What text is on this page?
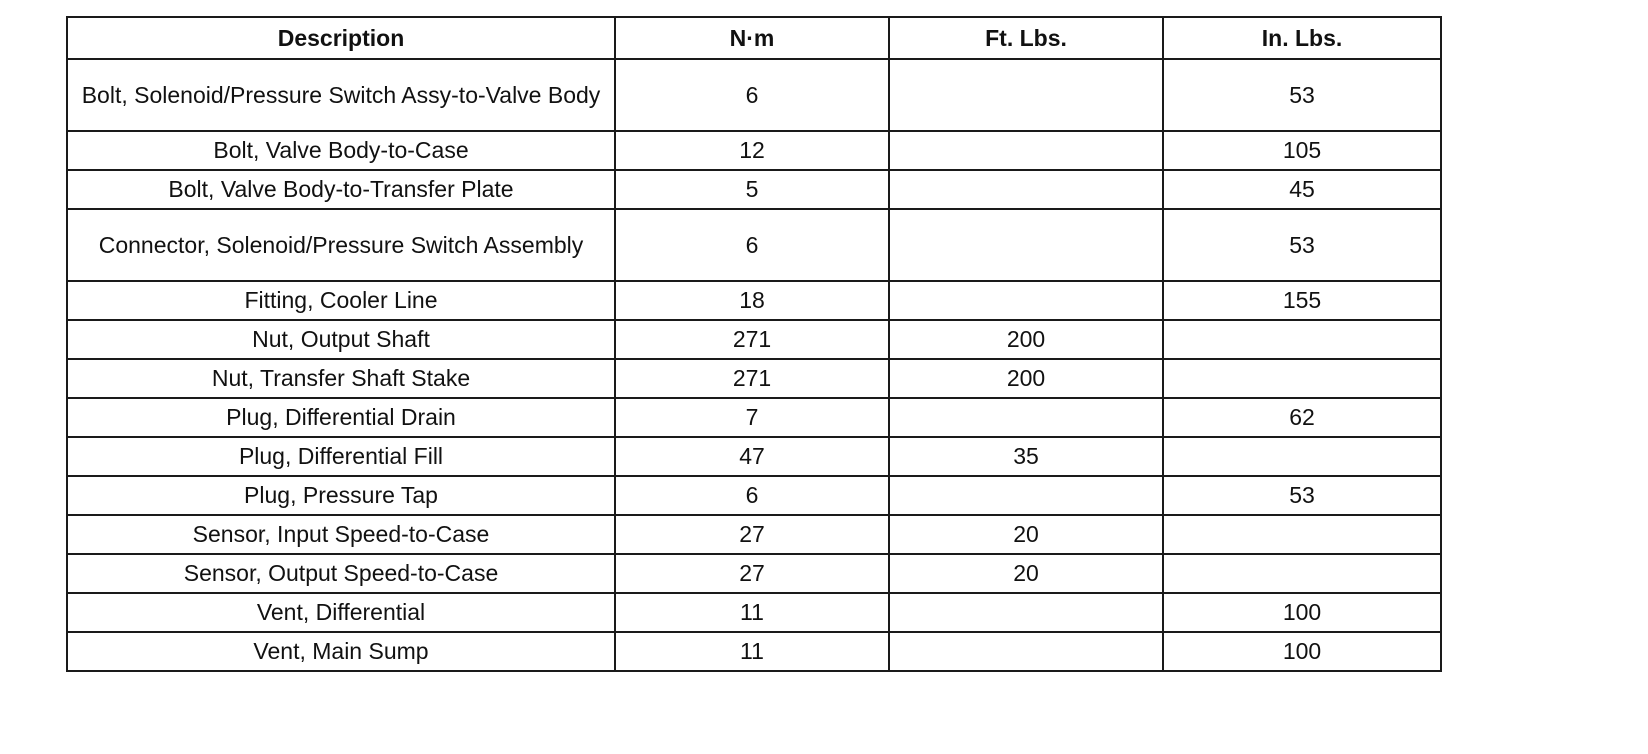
Description	N·m	Ft. Lbs.	In. Lbs.
Bolt, Solenoid/Pressure Switch Assy-to-Valve Body	6		53
Bolt, Valve Body-to-Case	12		105
Bolt, Valve Body-to-Transfer Plate	5		45
Connector, Solenoid/Pressure Switch Assembly	6		53
Fitting, Cooler Line	18		155
Nut, Output Shaft	271	200	
Nut, Transfer Shaft Stake	271	200	
Plug, Differential Drain	7		62
Plug, Differential Fill	47	35	
Plug, Pressure Tap	6		53
Sensor, Input Speed-to-Case	27	20	
Sensor, Output Speed-to-Case	27	20	
Vent, Differential	11		100
Vent, Main Sump	11		100
